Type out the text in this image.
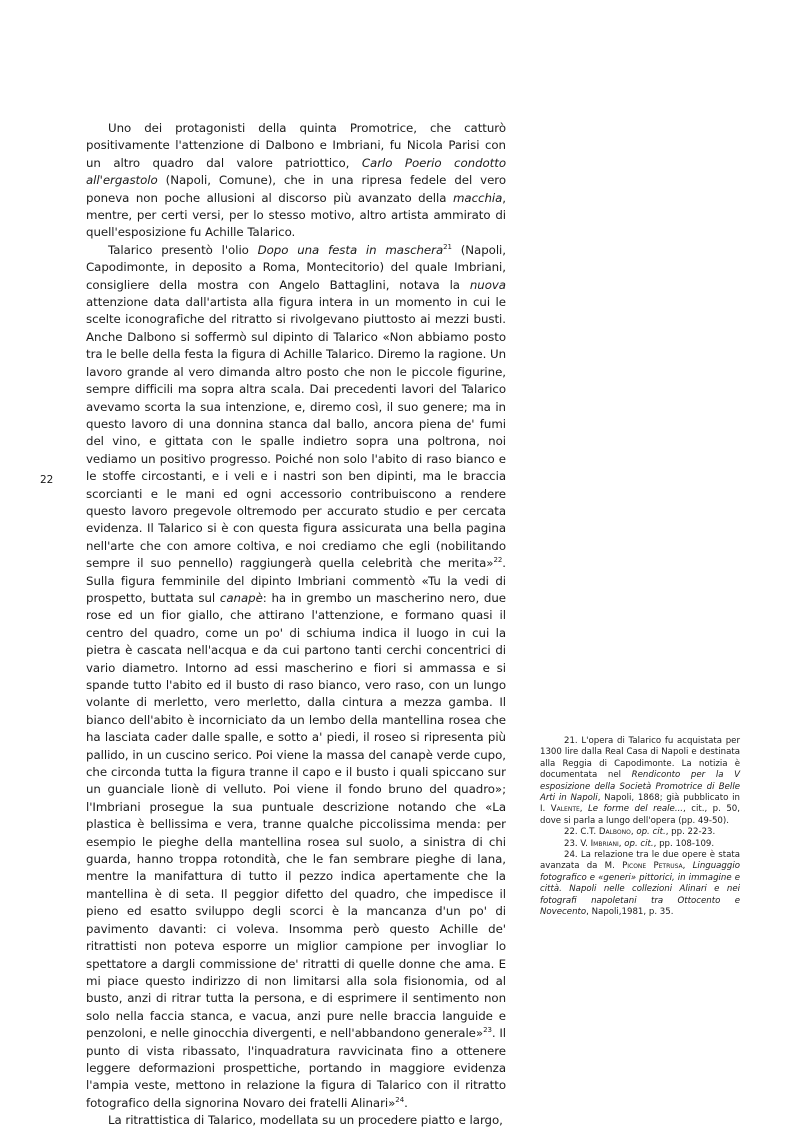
Uno dei protagonisti della quinta Promotrice, che catturò positivamente l'attenzione di Dalbono e Imbriani, fu Nicola Parisi con un altro quadro dal valore patriottico, Carlo Poerio condotto all'ergastolo (Napoli, Comune), che in una ripresa fedele del vero poneva non poche allusioni al discorso più avanzato della macchia, mentre, per certi versi, per lo stesso motivo, altro artista ammirato di quell'esposizione fu Achille Talarico.

Talarico presentò l'olio Dopo una festa in maschera$^{21}$ (Napoli, Capodimonte, in deposito a Roma, Montecitorio) del quale Imbriani, consigliere della mostra con Angelo Battaglini, notava la nuova attenzione data dall'artista alla figura intera in un momento in cui le scelte iconografiche del ritratto si rivolgevano piuttosto ai mezzi busti. Anche Dalbono si soffermò sul dipinto di Talarico «Non abbiamo posto tra le belle della festa la figura di Achille Talarico. Diremo la ragione. Un lavoro grande al vero dimanda altro posto che non le piccole figurine, sempre difficili ma sopra altra scala. Dai precedenti lavori del Talarico avevamo scorta la sua intenzione, e, diremo così, il suo genere; ma in questo lavoro di una donnina stanca dal ballo, ancora piena de' fumi del vino, e gittata con le spalle indietro sopra una poltrona, noi vediamo un positivo progresso. Poiché non solo l'abito di raso bianco e le stoffe circostanti, e i veli e i nastri son ben dipinti, ma le braccia scorcianti e le mani ed ogni accessorio contribuiscono a rendere questo lavoro pregevole oltremodo per accurato studio e per cercata evidenza. Il Talarico si è con questa figura assicurata una bella pagina nell'arte che con amore coltiva, e noi crediamo che egli (nobilitando sempre il suo pennello) raggiungerà quella celebrità che merita»$^{22}$. Sulla figura femminile del dipinto Imbriani commentò «Tu la vedi di prospetto, buttata sul canapè: ha in grembo un mascherino nero, due rose ed un fior giallo, che attirano l'attenzione, e formano quasi il centro del quadro, come un po' di schiuma indica il luogo in cui la pietra è cascata nell'acqua e da cui partono tanti cerchi concentrici di vario diametro. Intorno ad essi mascherino e fiori si ammassa e si spande tutto l'abito ed il busto di raso bianco, vero raso, con un lungo volante di merletto, vero merletto, dalla cintura a mezza gamba. Il bianco dell'abito è incorniciato da un lembo della mantellina rosea che ha lasciata cader dalle spalle, e sotto a' piedi, il roseo si ripresenta più pallido, in un cuscino serico. Poi viene la massa del canapè verde cupo, che circonda tutta la figura tranne il capo e il busto i quali spiccano sur un guanciale lionè di velluto. Poi viene il fondo bruno del quadro»; l'Imbriani prosegue la sua puntuale descrizione notando che «La plastica è bellissima e vera, tranne qualche piccolissima menda: per esempio le pieghe della mantellina rosea sul suolo, a sinistra di chi guarda, hanno troppa rotondità, che le fan sembrare pieghe di lana, mentre la manifattura di tutto il pezzo indica apertamente che la mantellina è di seta. Il peggior difetto del quadro, che impedisce il pieno ed esatto sviluppo degli scorci è la mancanza d'un po' di pavimento davanti: ci voleva. Insomma però questo Achille de' ritrattisti non poteva esporre un miglior campione per invogliar lo spettatore a dargli commissione de' ritratti di quelle donne che ama. E mi piace questo indirizzo di non limitarsi alla sola fisionomia, od al busto, anzi di ritrar tutta la persona, e di esprimere il sentimento non solo nella faccia stanca, e vacua, anzi pure nelle braccia languide e penzoloni, e nelle ginocchia divergenti, e nell'abbandono generale»$^{23}$. Il punto di vista ribassato, l'inquadratura ravvicinata fino a ottenere leggere deformazioni prospettiche, portando in maggiore evidenza l'ampia veste, mettono in relazione la figura di Talarico con il ritratto fotografico della signorina Novaro dei fratelli Alinari»$^{24}$.

La ritrattistica di Talarico, modellata su un procedere piatto e largo,

22

21. L'opera di Talarico fu acquistata per 1300 lire dalla Real Casa di Napoli e destinata alla Reggia di Capodimonte. La notizia è documentata nel Rendiconto per la V esposizione della Società Promotrice di Belle Arti in Napoli, Napoli, 1868; già pubblicato in I. Valente, Le forme del reale..., cit., p. 50, dove si parla a lungo dell'opera (pp. 49-50).

22. C.T. Dalbono, op. cit., pp. 22-23.

23. V. Imbriani, op. cit., pp. 108-109.

24. La relazione tra le due opere è stata avanzata da M. Picone Petrusa, Linguaggio fotografico e «generi» pittorici, in immagine e città. Napoli nelle collezioni Alinari e nei fotografi napoletani tra Ottocento e Novecento, Napoli,1981, p. 35.
